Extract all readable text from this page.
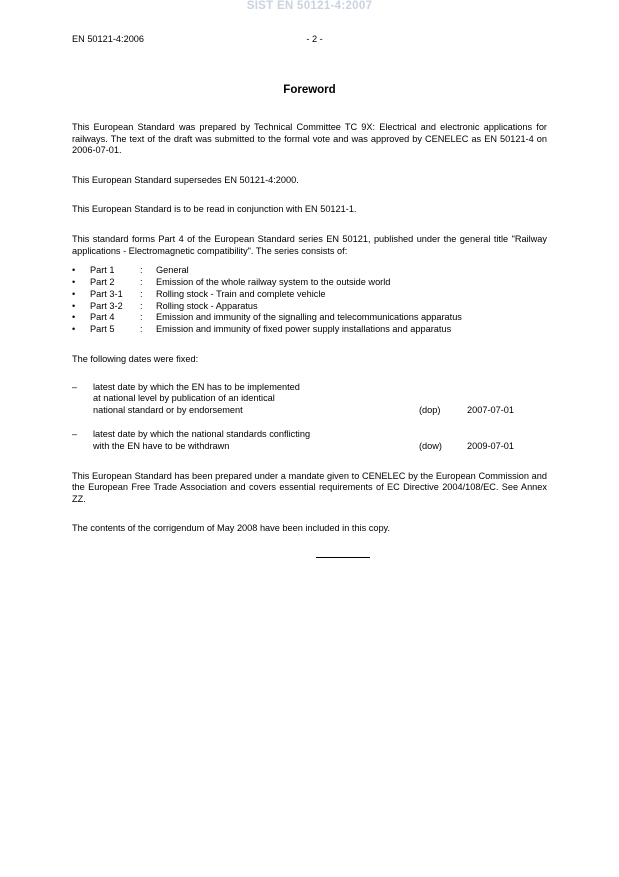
SIST EN 50121-4:2007
EN 50121-4:2006	- 2 -
Foreword

This European Standard was prepared by Technical Committee TC 9X: Electrical and electronic applications for railways. The text of the draft was submitted to the formal vote and was approved by CENELEC as EN 50121-4 on 2006-07-01.

This European Standard supersedes EN 50121-4:2000.

This European Standard is to be read in conjunction with EN 50121-1.

This standard forms Part 4 of the European Standard series EN 50121, published under the general title "Railway applications - Electromagnetic compatibility". The series consists of:

• Part 1	:	General
• Part 2	:	Emission of the whole railway system to the outside world
• Part 3-1	:	Rolling stock - Train and complete vehicle
• Part 3-2	:	Rolling stock - Apparatus
• Part 4	:	Emission and immunity of the signalling and telecommunications apparatus
• Part 5	:	Emission and immunity of fixed power supply installations and apparatus

The following dates were fixed:

–	latest date by which the EN has to be implemented
at national level by publication of an identical
national standard or by endorsement	(dop)	2007-07-01
–	latest date by which the national standards conflicting
with the EN have to be withdrawn	(dow)	2009-07-01

This European Standard has been prepared under a mandate given to CENELEC by the European Commission and the European Free Trade Association and covers essential requirements of EC Directive 2004/108/EC. See Annex ZZ.

The contents of the corrigendum of May 2008 have been included in this copy.
